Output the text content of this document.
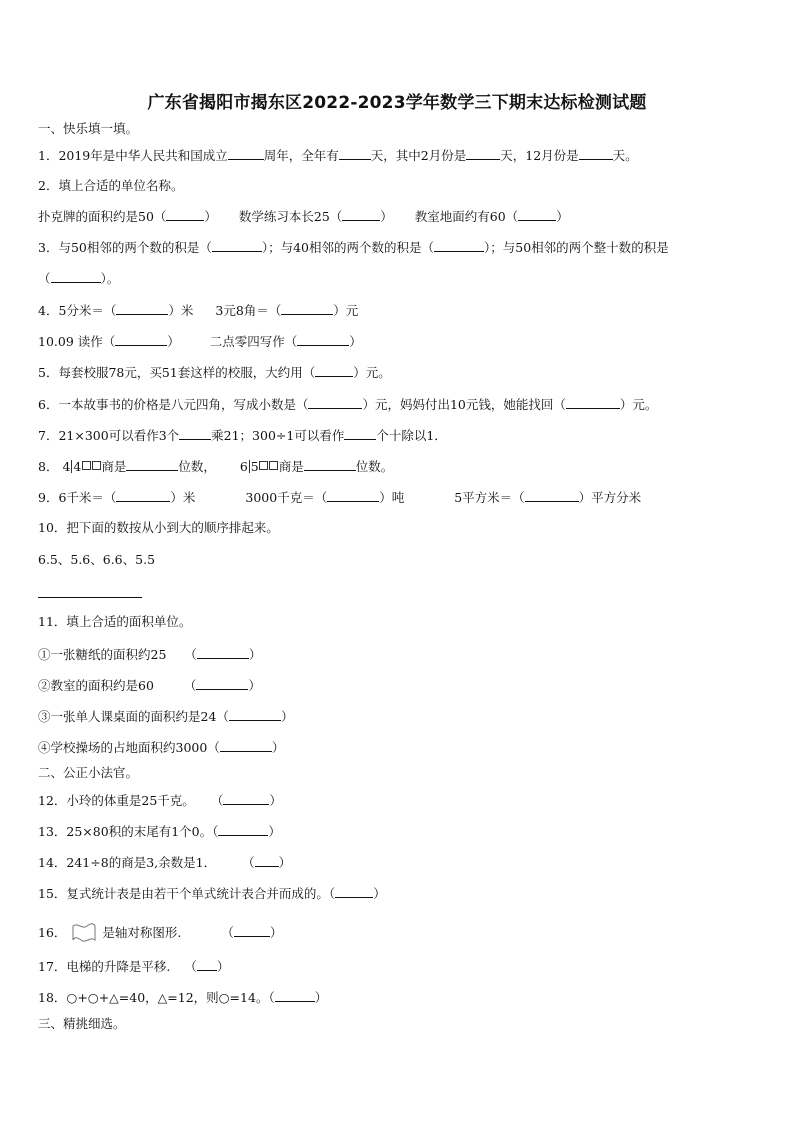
广东省揭阳市揭东区2022-2023学年数学三下期末达标检测试题
一、快乐填一填。
1．2019年是中华人民共和国成立	周年，全年有	天，其中2月份是	天，12月份是	天。
2．填上合适的单位名称。
扑克牌的面积约是50（	） 数学练习本长25（	） 教室地面约有60（	）
3．与50相邻的两个数的积是（	）；与40相邻的两个数的积是（	）；与50相邻的两个整十数的积是
（	）。
4．5分米＝（	）米 3元8角＝（	）元
10.09 读作（	） 二点零四写作（	）
5．每套校服78元，买51套这样的校服，大约用（	）元。
6．一本故事书的价格是八元四角，写成小数是（	）元，妈妈付出10元钱，她能找回（	）元。
7．21×300可以看作3个	乘21；300÷1可以看作	个十除以1．
8． 4 4 商是	位数， 6 5 商是	位数。
9．6千米＝（	）米	3000千克＝（	）吨	5平方米＝（	）平方分米
10．把下面的数按从小到大的顺序排起来。
6.5、5.6、6.6、5.5
11．填上合适的面积单位。
①一张糖纸的面积约25 （	）
②教室的面积约是60 （	）
③一张单人课桌面的面积约是24（	）
④学校操场的占地面积约3000（	）
二、公正小法官。
12．小玲的体重是25千克。 （	）
13．25×80积的末尾有1个0。（	）
14．241÷8的商是3,余数是1． （ ）
15．复式统计表是由若干个单式统计表合并而成的。（	）
16．	是轴对称图形.	（	）
17．电梯的升降是平移. （ ）
18．○+○+△=40，△=12，则○=14。（	）
三、精挑细选。
